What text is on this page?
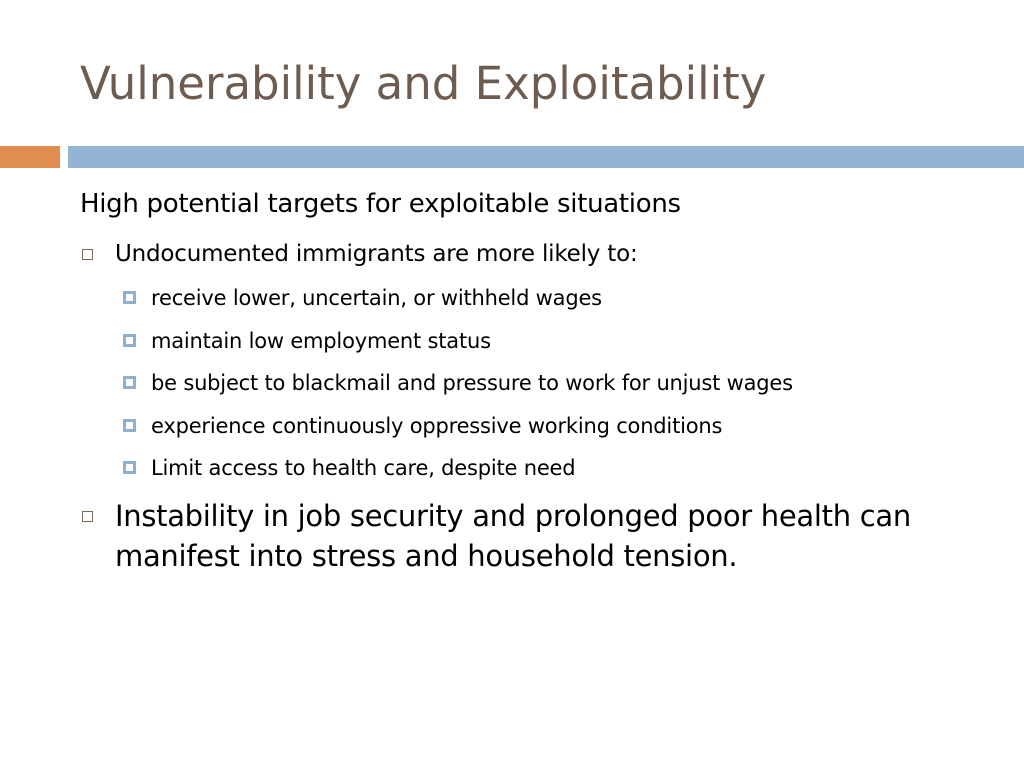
Vulnerability and Exploitability
High potential targets for exploitable situations
Undocumented immigrants are more likely to:
receive lower, uncertain, or withheld wages
maintain low employment status
be subject to blackmail and pressure to work for unjust wages
experience continuously oppressive working conditions
Limit access to health care, despite need
Instability in job security and prolonged poor health can manifest into stress and household tension.
